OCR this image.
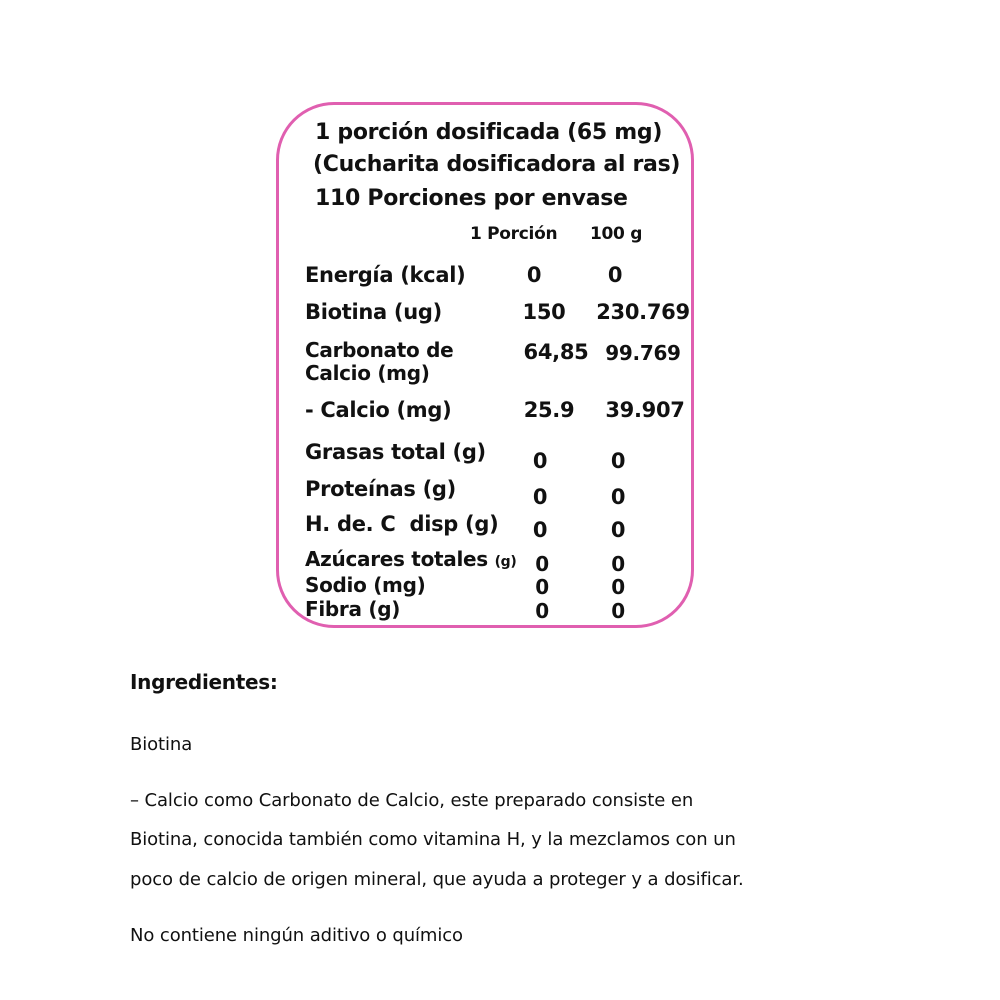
1 porción dosificada (65 mg)
(Cucharita dosificadora al ras)
110 Porciones por envase
1 Porción 100 g
Energía (kcal)	0	0
Biotina (ug)	150	230.769
Carbonato de
Calcio (mg)
64,85 99.769
- Calcio (mg)	25.9	39.907
Grasas total (g)	0	0
Proteínas (g)	0	0
H. de. C  disp (g)	0	0
Azúcares totales (g) 0	0
Sodio (mg)	0	0
Fibra (g)	0	0
Ingredientes:
Biotina
– Calcio como Carbonato de Calcio, este preparado consiste en
Biotina, conocida también como vitamina H, y la mezclamos con un
poco de calcio de origen mineral, que ayuda a proteger y a dosificar.
No contiene ningún aditivo o químico
